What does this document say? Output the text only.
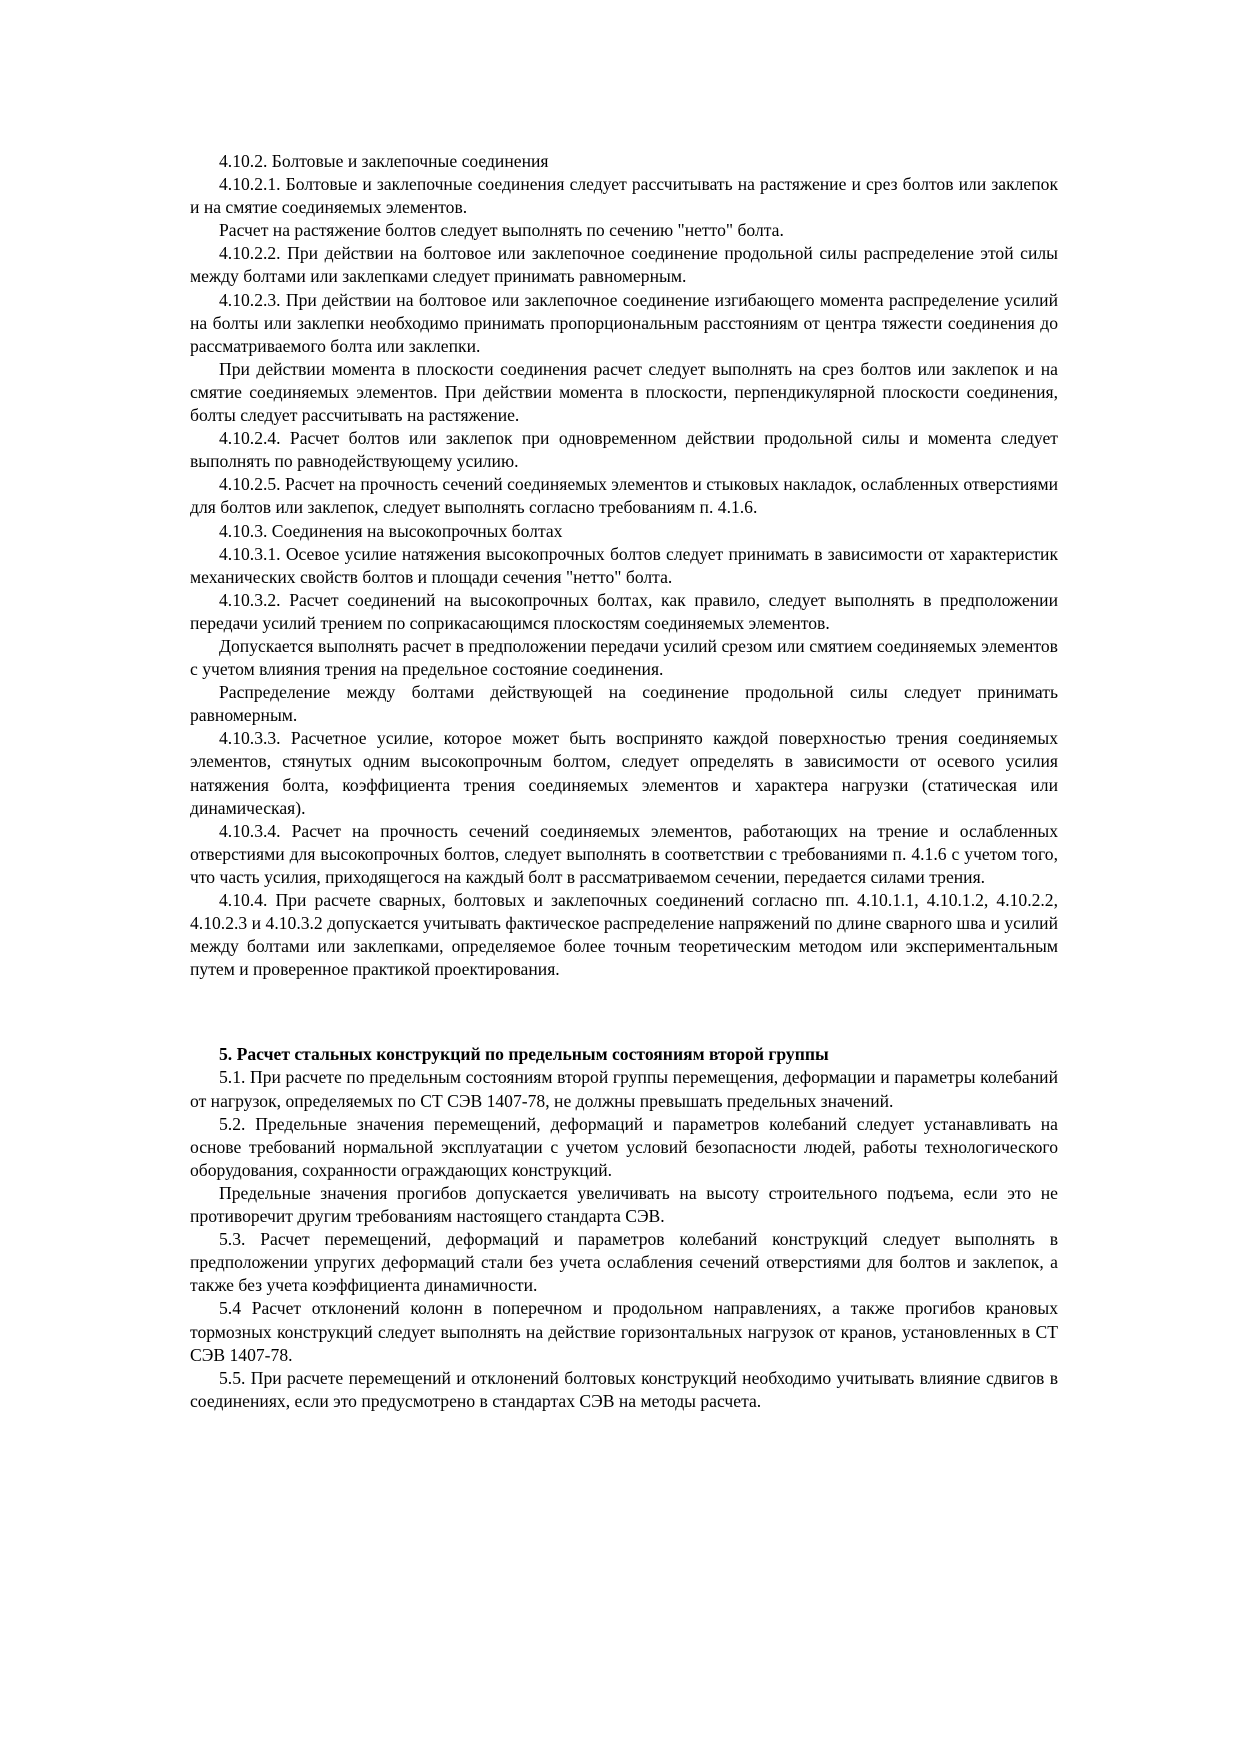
4.10.2. Болтовые и заклепочные соединения

4.10.2.1. Болтовые и заклепочные соединения следует рассчитывать на растяжение и срез болтов или заклепок и на смятие соединяемых элементов.

Расчет на растяжение болтов следует выполнять по сечению "нетто" болта.

4.10.2.2. При действии на болтовое или заклепочное соединение продольной силы распределение этой силы между болтами или заклепками следует принимать равномерным.

4.10.2.3. При действии на болтовое или заклепочное соединение изгибающего момента распределение усилий на болты или заклепки необходимо принимать пропорциональным расстояниям от центра тяжести соединения до рассматриваемого болта или заклепки.

При действии момента в плоскости соединения расчет следует выполнять на срез болтов или заклепок и на смятие соединяемых элементов. При действии момента в плоскости, перпендикулярной плоскости соединения, болты следует рассчитывать на растяжение.

4.10.2.4. Расчет болтов или заклепок при одновременном действии продольной силы и момента следует выполнять по равнодействующему усилию.

4.10.2.5. Расчет на прочность сечений соединяемых элементов и стыковых накладок, ослабленных отверстиями для болтов или заклепок, следует выполнять согласно требованиям п. 4.1.6.

4.10.3. Соединения на высокопрочных болтах

4.10.3.1. Осевое усилие натяжения высокопрочных болтов следует принимать в зависимости от характеристик механических свойств болтов и площади сечения "нетто" болта.

4.10.3.2. Расчет соединений на высокопрочных болтах, как правило, следует выполнять в предположении передачи усилий трением по соприкасающимся плоскостям соединяемых элементов.

Допускается выполнять расчет в предположении передачи усилий срезом или смятием соединяемых элементов с учетом влияния трения на предельное состояние соединения.

Распределение между болтами действующей на соединение продольной силы следует принимать равномерным.

4.10.3.3. Расчетное усилие, которое может быть воспринято каждой поверхностью трения соединяемых элементов, стянутых одним высокопрочным болтом, следует определять в зависимости от осевого усилия натяжения болта, коэффициента трения соединяемых элементов и характера нагрузки (статическая или динамическая).

4.10.3.4. Расчет на прочность сечений соединяемых элементов, работающих на трение и ослабленных отверстиями для высокопрочных болтов, следует выполнять в соответствии с требованиями п. 4.1.6 с учетом того, что часть усилия, приходящегося на каждый болт в рассматриваемом сечении, передается силами трения.

4.10.4. При расчете сварных, болтовых и заклепочных соединений согласно пп. 4.10.1.1, 4.10.1.2, 4.10.2.2, 4.10.2.3 и 4.10.3.2 допускается учитывать фактическое распределение напряжений по длине сварного шва и усилий между болтами или заклепками, определяемое более точным теоретическим методом или экспериментальным путем и проверенное практикой проектирования.

5. Расчет стальных конструкций по предельным состояниям второй группы

5.1. При расчете по предельным состояниям второй группы перемещения, деформации и параметры колебаний от нагрузок, определяемых по СТ СЭВ 1407-78, не должны превышать предельных значений.

5.2. Предельные значения перемещений, деформаций и параметров колебаний следует устанавливать на основе требований нормальной эксплуатации с учетом условий безопасности людей, работы технологического оборудования, сохранности ограждающих конструкций.

Предельные значения прогибов допускается увеличивать на высоту строительного подъема, если это не противоречит другим требованиям настоящего стандарта СЭВ.

5.3. Расчет перемещений, деформаций и параметров колебаний конструкций следует выполнять в предположении упругих деформаций стали без учета ослабления сечений отверстиями для болтов и заклепок, а также без учета коэффициента динамичности.

5.4 Расчет отклонений колонн в поперечном и продольном направлениях, а также прогибов крановых тормозных конструкций следует выполнять на действие горизонтальных нагрузок от кранов, установленных в СТ СЭВ 1407-78.

5.5. При расчете перемещений и отклонений болтовых конструкций необходимо учитывать влияние сдвигов в соединениях, если это предусмотрено в стандартах СЭВ на методы расчета.
